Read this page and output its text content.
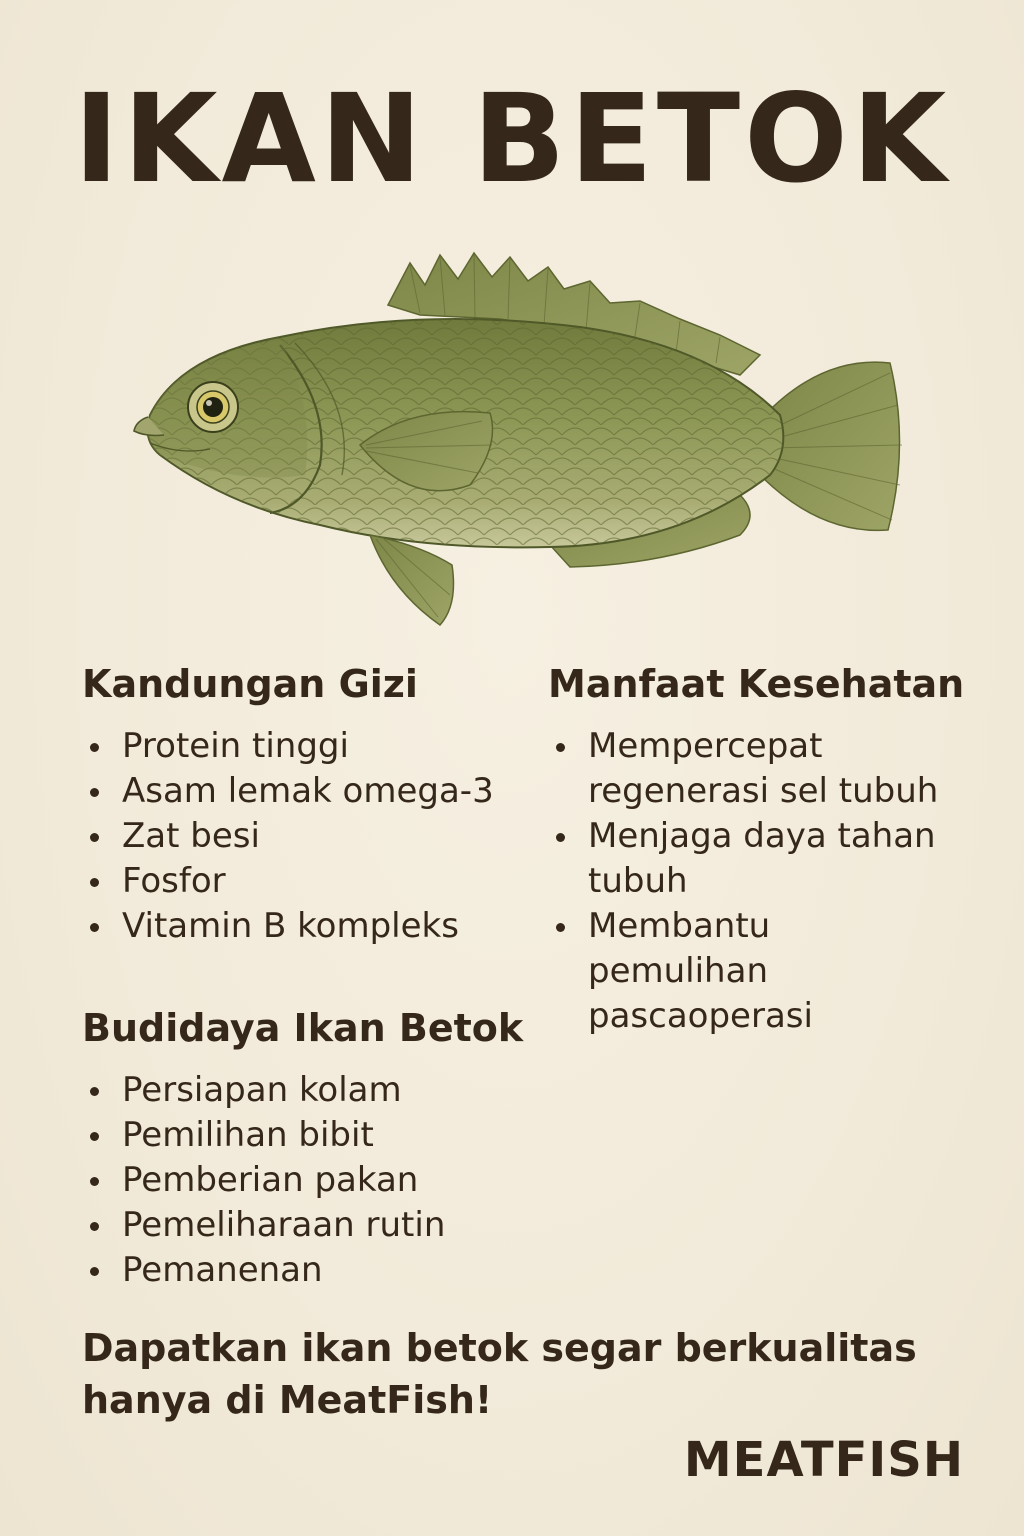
IKAN BETOK
Kandungan Gizi
Protein tinggi
Asam lemak omega-3
Zat besi
Fosfor
Vitamin B kompleks
Manfaat Kesehatan
Mempercepat regenerasi sel tubuh
Menjaga daya tahan tubuh
Membantu pemulihan pascaoperasi
Budidaya Ikan Betok
Persiapan kolam
Pemilihan bibit
Pemberian pakan
Pemeliharaan rutin
Pemanenan
Dapatkan ikan betok segar berkualitas hanya di MeatFish!
MEATFISH
